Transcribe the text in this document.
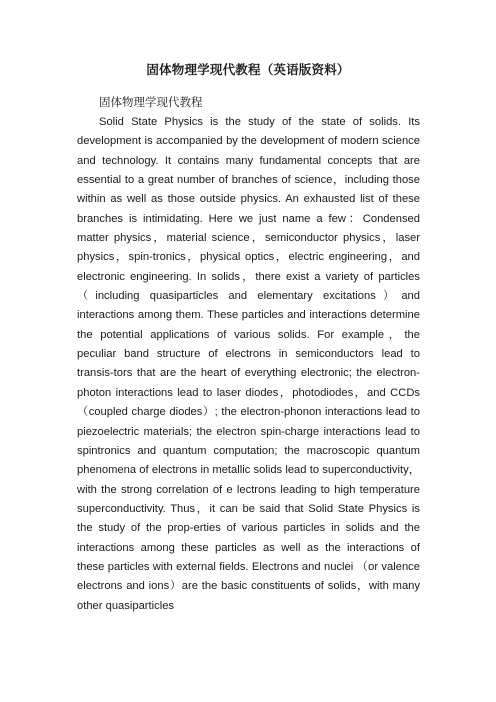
固体物理学现代教程（英语版资料）
固体物理学现代教程

Solid State Physics is the study of the state of solids. Its development is accompanied by the development of modern science and technology. It contains many fundamental concepts that are essential to a great number of branches of science，including those within as well as those outside physics. An exhausted list of these branches is intimidating. Here we just name a few：Condensed matter physics，material science，semiconductor physics，laser physics，spin-tronics，physical optics，electric engineering，and electronic engineering. In solids，there exist a variety of particles （including quasiparticles and elementary excitations）and interactions among them. These particles and interactions determine the potential applications of various solids. For example，the peculiar band structure of electrons in semiconductors lead to transis-tors that are the heart of everything electronic; the electron-photon interactions lead to laser diodes，photodiodes，and CCDs （coupled charge diodes）; the electron-phonon interactions lead to piezoelectric materials; the electron spin-charge interactions lead to spintronics and quantum computation; the macroscopic quantum phenomena of electrons in metallic solids lead to superconductivity，with the strong correlation of e lectrons leading to high temperature superconductivity. Thus，it can be said that Solid State Physics is the study of the prop-erties of various particles in solids and the interactions among these particles as well as the interactions of these particles with external fields. Electrons and nuclei （or valence electrons and ions）are the basic constituents of solids，with many other quasiparticles
